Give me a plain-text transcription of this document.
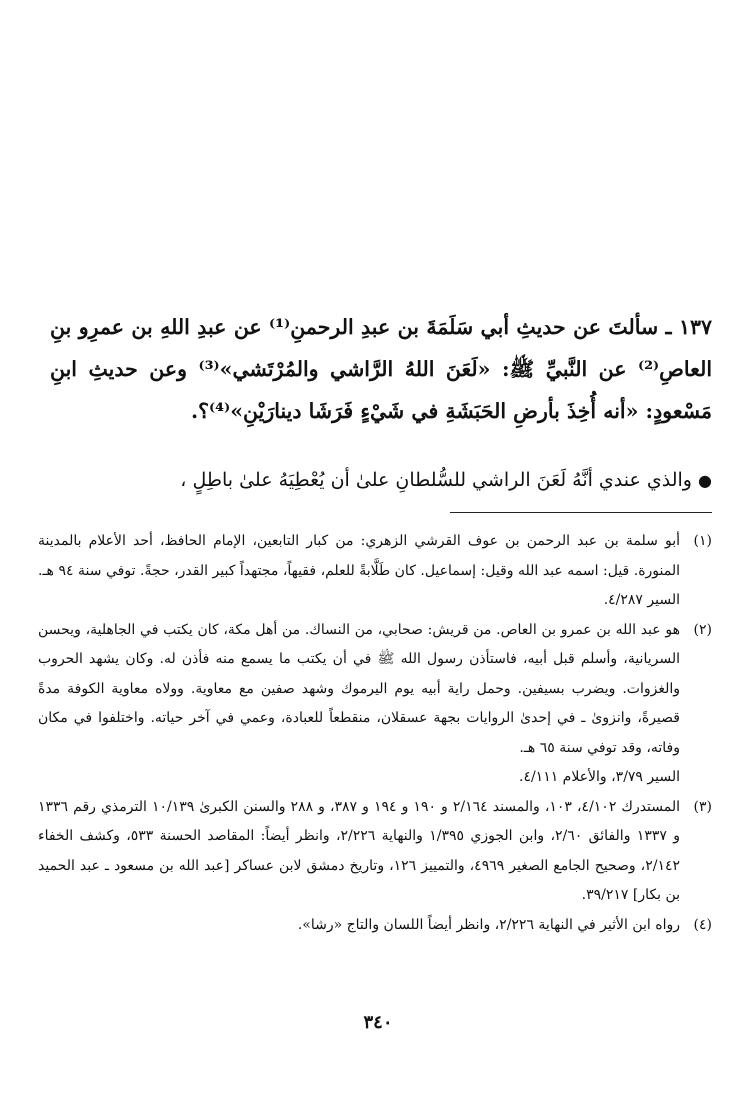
١٣٧ ـ سألتَ عن حديثِ أبي سَلَمَةَ بن عبدِ الرحمنِ⁽¹⁾ عن عبدِ اللهِ بن عمرِو بنِ العاصِ⁽²⁾ عن النَّبيِّ ﷺ: «لَعَنَ اللهُ الرَّاشي والمُرْتَشي»⁽³⁾ وعن حديثِ ابنِ مَسْعودٍ: «أنه أُخِذَ بأرضِ الحَبَشَةِ في شَيْءٍ فَرَشَا دينارَيْنِ»⁽⁴⁾؟.

● والذي عندي أنَّهُ لَعَنَ الراشي للسُّلطانِ علىٰ أن يُعْطِيَهُ علىٰ باطِلٍ ،
(١)
أبو سلمة بن عبد الرحمن بن عوف القرشي الزهري: من كبار التابعين، الإمام الحافظ، أحد الأعلام بالمدينة المنورة. قيل: اسمه عبد الله وقيل: إسماعيل. كان طَلَّابةً للعلم، فقيهاً، مجتهداً كبير القدر، حجةً. توفي سنة ٩٤ هـ. السير ٤/٢٨٧.
(٢)
هو عبد الله بن عمرو بن العاص. من قريش: صحابي، من النساك. من أهل مكة، كان يكتب في الجاهلية، ويحسن السريانية، وأسلم قبل أبيه، فاستأذن رسول الله ﷺ في أن يكتب ما يسمع منه فأذن له. وكان يشهد الحروب والغزوات. ويضرب بسيفين. وحمل راية أبيه يوم اليرموك وشهد صفين مع معاوية. وولاه معاوية الكوفة مدةً قصيرةً، وانزوىٰ ـ في إحدىٰ الروايات بجهة عسقلان، منقطعاً للعبادة، وعمي في آخر حياته. واختلفوا في مكان وفاته، وقد توفي سنة ٦٥ هـ.
السير ٣/٧٩، والأعلام ٤/١١١.
(٣)
المستدرك ٤/١٠٢، ١٠٣، والمسند ٢/١٦٤ و ١٩٠ و ١٩٤ و ٣٨٧، و ٢٨٨ والسنن الكبرىٰ ١٠/١٣٩ الترمذي رقم ١٣٣٦ و ١٣٣٧ والفائق ٢/٦٠، وابن الجوزي ١/٣٩٥ والنهاية ٢/٢٢٦، وانظر أيضاً: المقاصد الحسنة ٥٣٣، وكشف الخفاء ٢/١٤٢، وصحيح الجامع الصغير ٤٩٦٩، والتمييز ١٢٦، وتاريخ دمشق لابن عساكر [عبد الله بن مسعود ـ عبد الحميد بن بكار] ٣٩/٢١٧.
(٤)
رواه ابن الأثير في النهاية ٢/٢٢٦، وانظر أيضاً اللسان والتاج «رشا».
٣٤٠
